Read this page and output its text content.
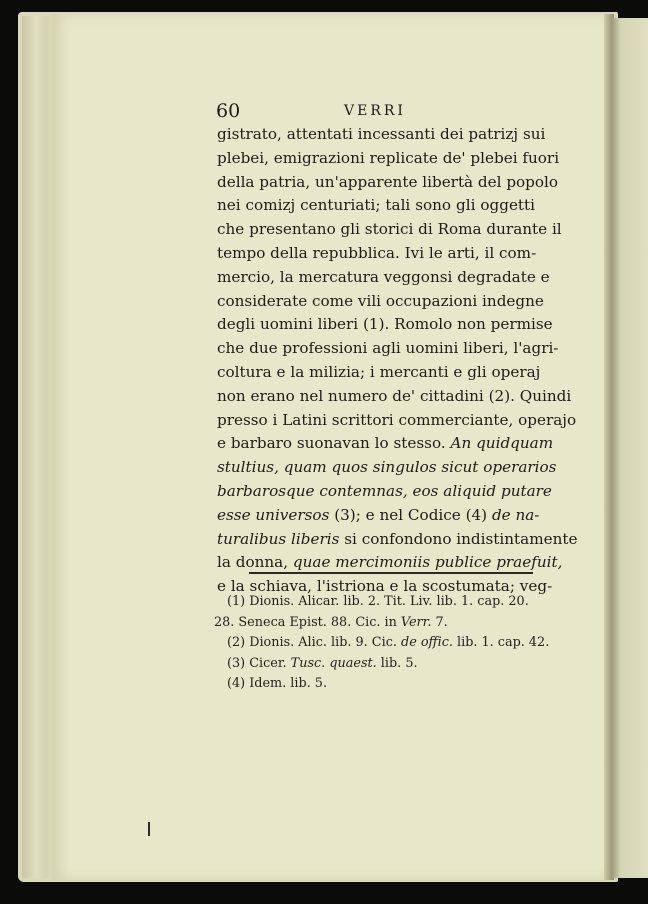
60	VERRI
gistrato, attentati incessanti dei patrizj sui
plebei, emigrazioni replicate de' plebei fuori
della patria, un'apparente libertà del popolo
nei comizj centuriati; tali sono gli oggetti
che presentano gli storici di Roma durante il
tempo della repubblica. Ivi le arti, il com-
mercio, la mercatura veggonsi degradate e
considerate come vili occupazioni indegne
degli uomini liberi (1). Romolo non permise
che due professioni agli uomini liberi, l'agri-
coltura e la milizia; i mercanti e gli operaj
non erano nel numero de' cittadini (2). Quindi
presso i Latini scrittori commerciante, operajo
e barbaro suonavan lo stesso. An quidquam
stultius, quam quos singulos sicut operarios
barbarosque contemnas, eos aliquid putare
esse universos (3); e nel Codice (4) de na-
turalibus liberis si confondono indistintamente
la donna, quae mercimoniis publice praefuit,
e la schiava, l'istriona e la scostumata; veg-
(1) Dionis. Alicar. lib. 2. Tit. Liv. lib. 1. cap. 20.
28. Seneca Epist. 88. Cic. in Verr. 7.
(2) Dionis. Alic. lib. 9. Cic. de offic. lib. 1. cap. 42.
(3) Cicer. Tusc. quaest. lib. 5.
(4) Idem. lib. 5.
